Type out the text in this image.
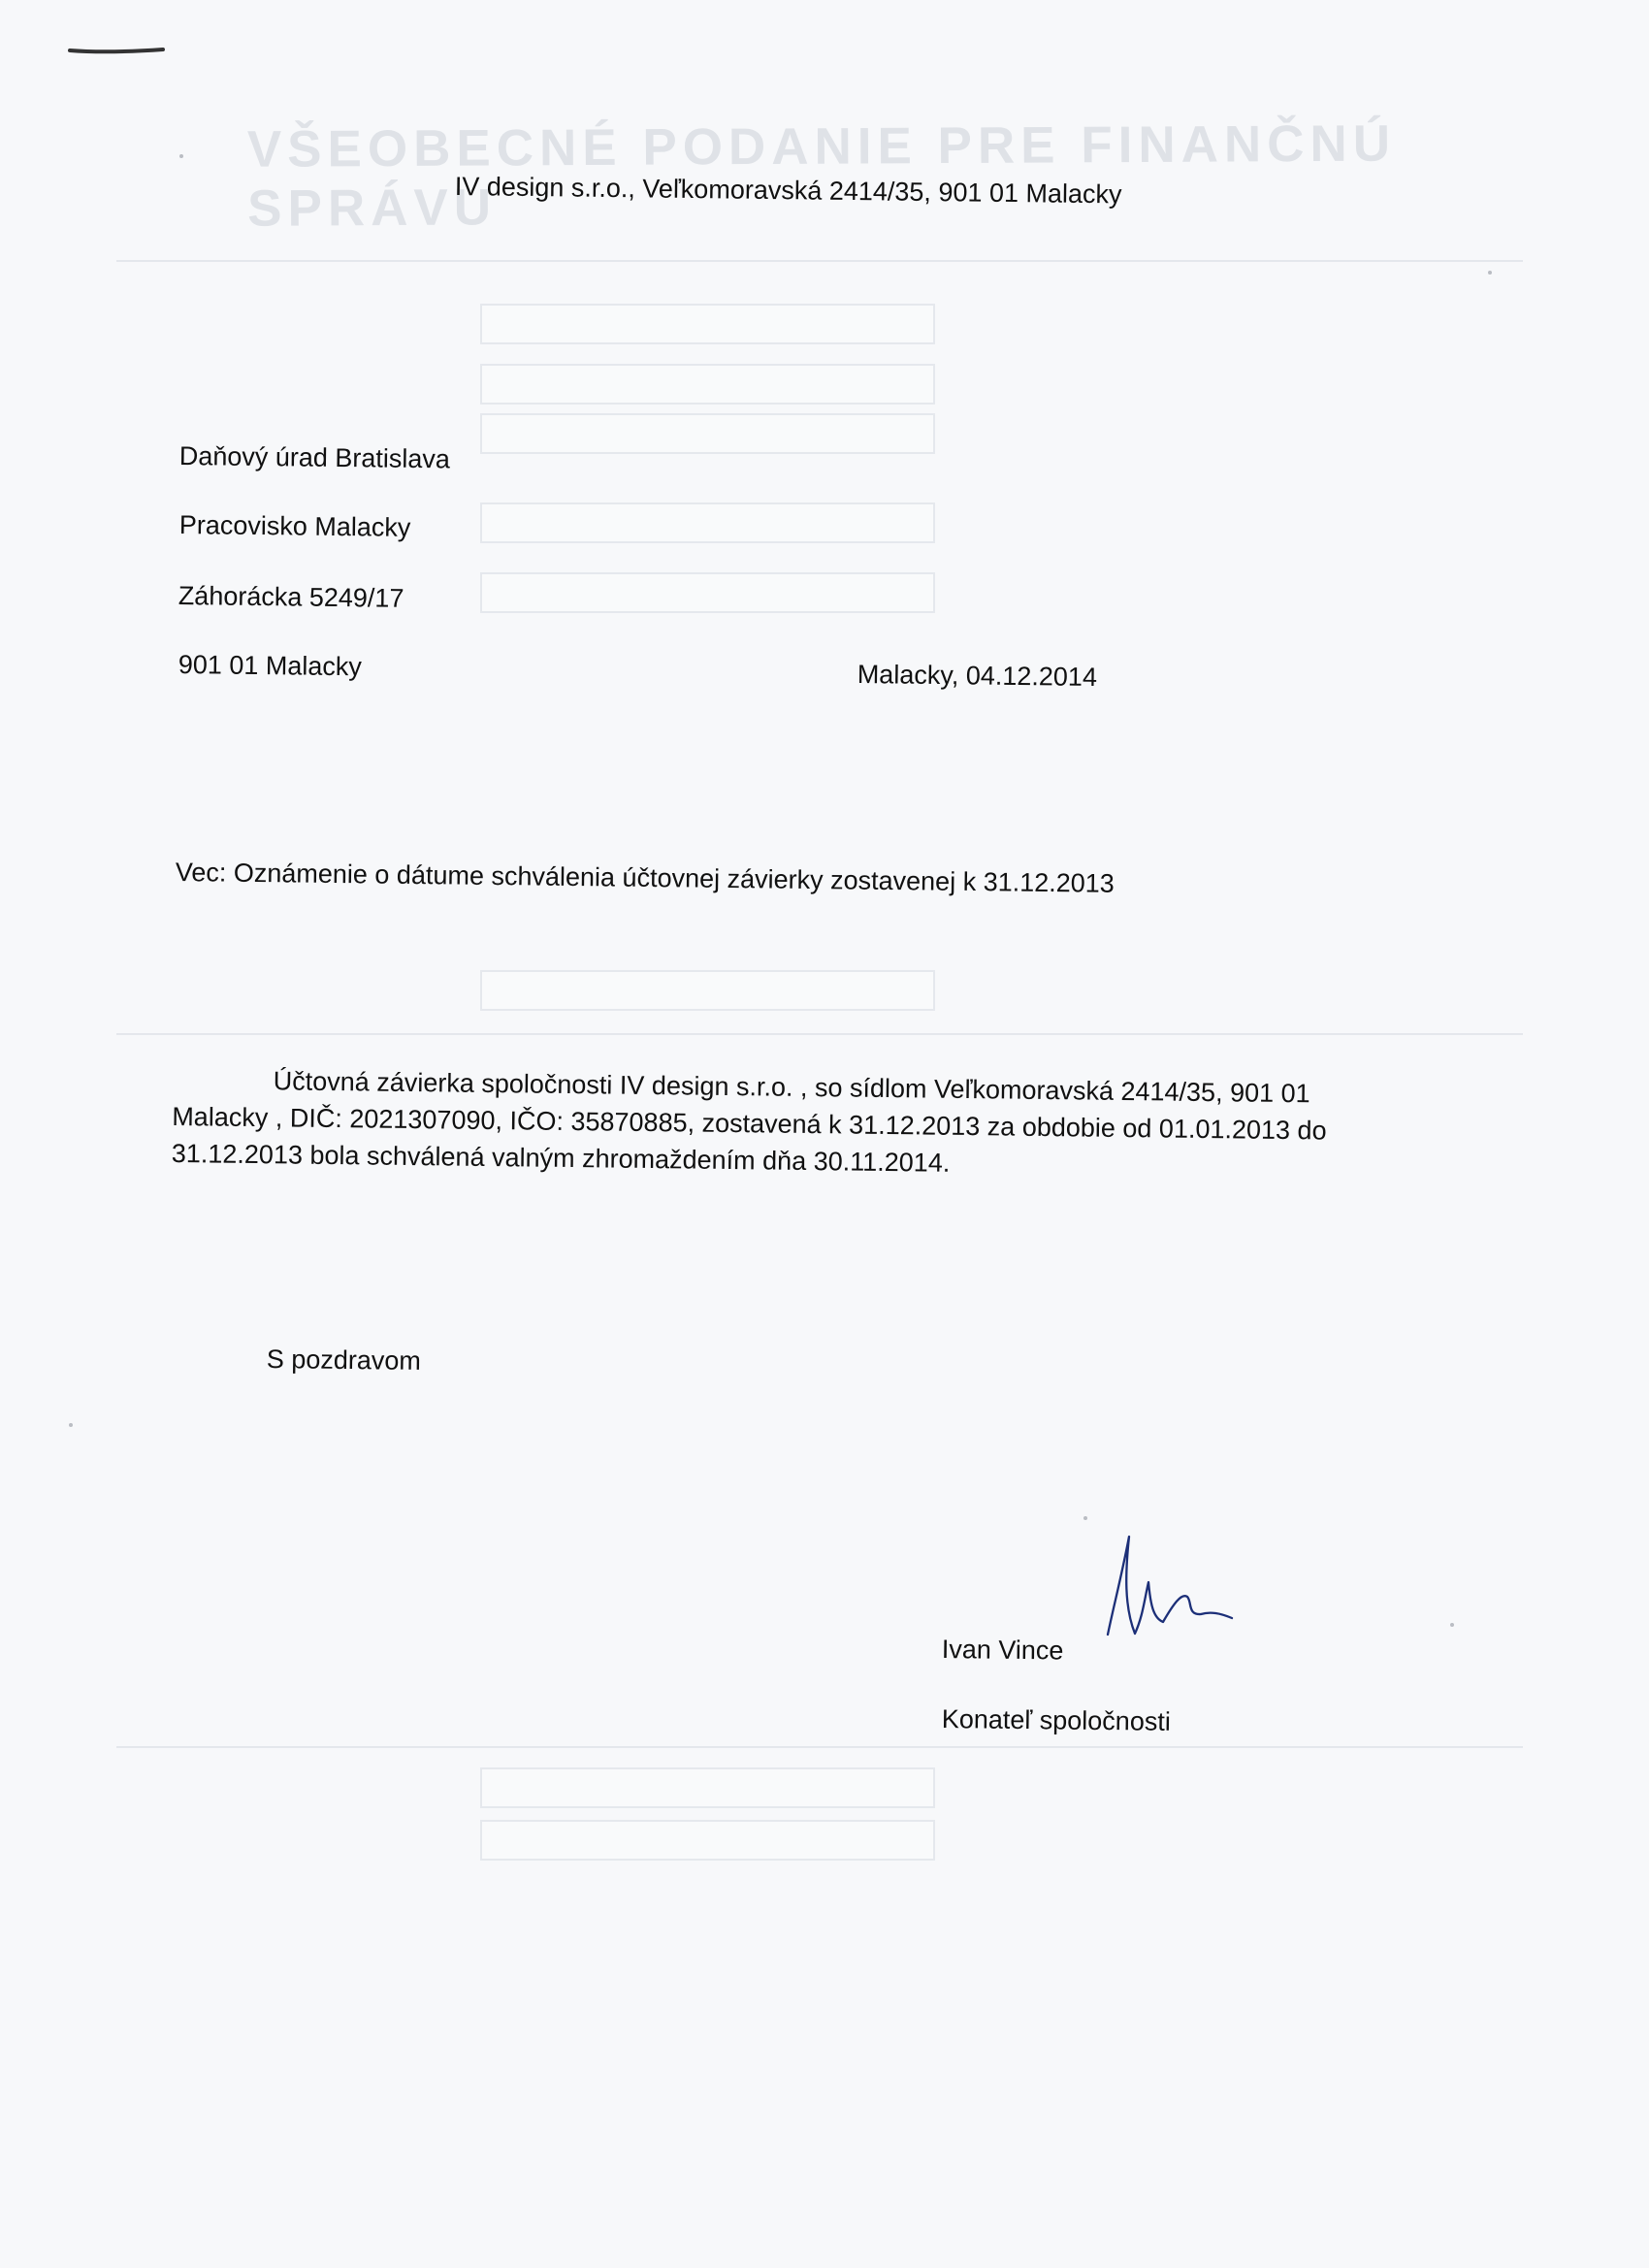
VŠEOBECNÉ PODANIE PRE FINANČNÚ SPRÁVU
IV design s.r.o., Veľkomoravská 2414/35, 901 01 Malacky
Daňový úrad Bratislava
Pracovisko Malacky
Záhorácka 5249/17
901 01 Malacky	Malacky, 04.12.2014
Vec: Oznámenie o dátume schválenia účtovnej závierky zostavenej k 31.12.2013
Účtovná závierka spoločnosti IV design s.r.o. , so sídlom Veľkomoravská 2414/35, 901 01
Malacky , DIČ: 2021307090, IČO: 35870885, zostavená k 31.12.2013 za obdobie od 01.01.2013 do
31.12.2013 bola schválená valným zhromaždením dňa 30.11.2014.
S pozdravom
Ivan Vince
Konateľ spoločnosti
